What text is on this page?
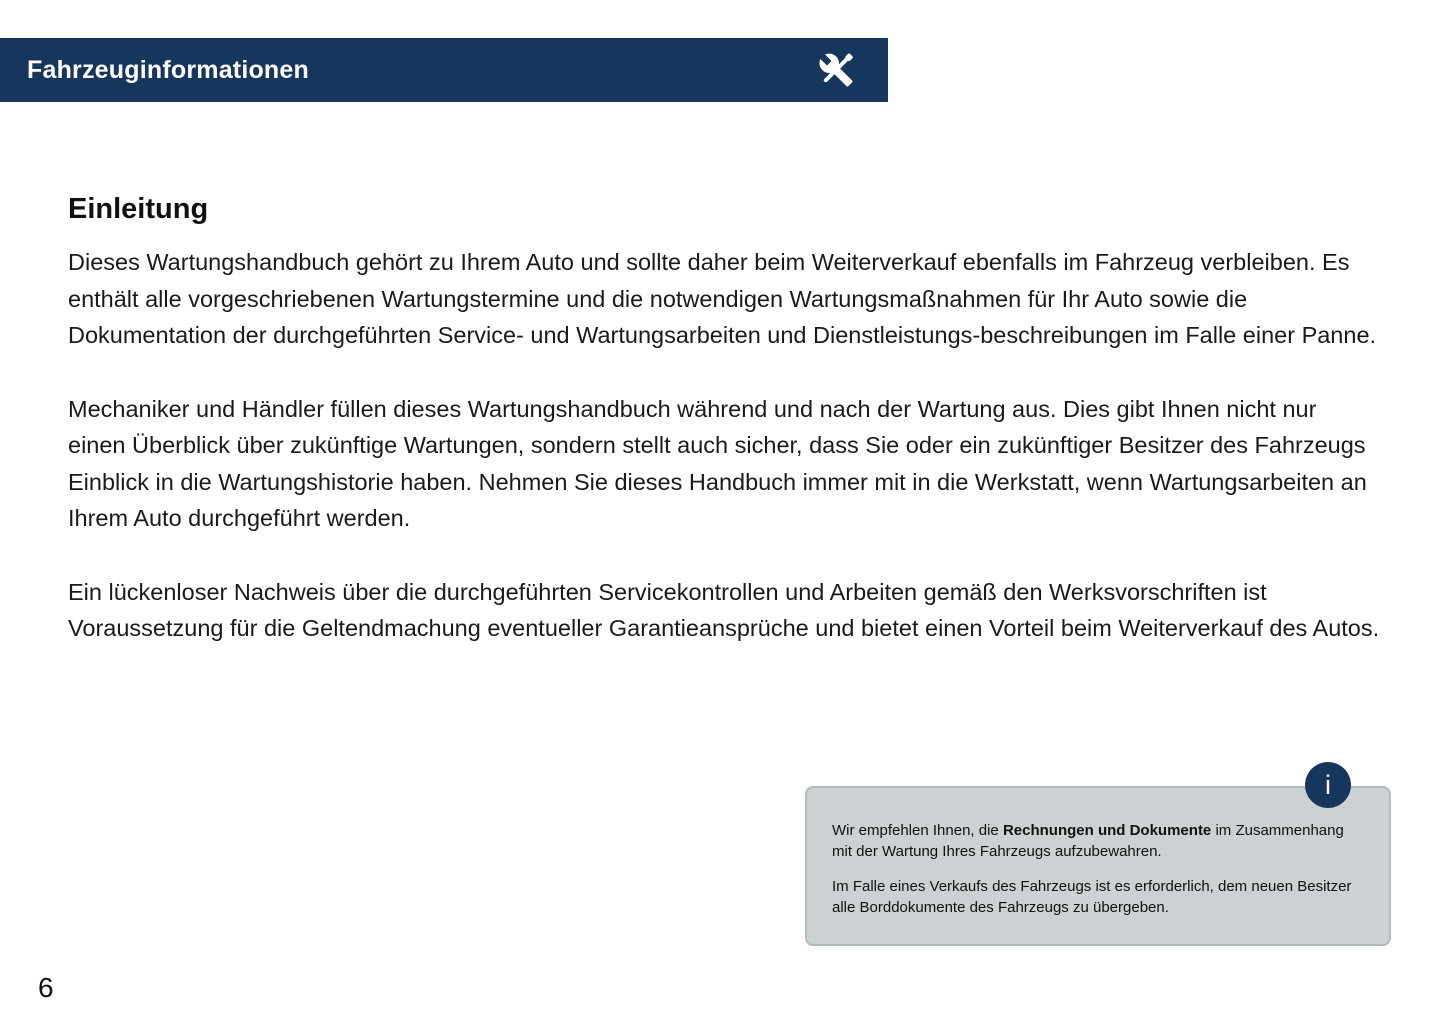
Fahrzeuginformationen
Einleitung

Dieses Wartungshandbuch gehört zu Ihrem Auto und sollte daher beim Weiterverkauf ebenfalls im Fahrzeug verbleiben. Es enthält alle vorgeschriebenen Wartungstermine und die notwendigen Wartungsmaßnahmen für Ihr Auto sowie die Dokumentation der durchgeführten Service- und Wartungsarbeiten und Dienstleistungs-beschreibungen im Falle einer Panne.

Mechaniker und Händler füllen dieses Wartungshandbuch während und nach der Wartung aus. Dies gibt Ihnen nicht nur einen Überblick über zukünftige Wartungen, sondern stellt auch sicher, dass Sie oder ein zukünftiger Besitzer des Fahrzeugs Einblick in die Wartungshistorie haben. Nehmen Sie dieses Handbuch immer mit in die Werkstatt, wenn Wartungsarbeiten an Ihrem Auto durchgeführt werden.

Ein lückenloser Nachweis über die durchgeführten Servicekontrollen und Arbeiten gemäß den Werksvorschriften ist Voraussetzung für die Geltendmachung eventueller Garantieansprüche und bietet einen Vorteil beim Weiterverkauf des Autos.

Wir empfehlen Ihnen, die Rechnungen und Dokumente im Zusammenhang mit der Wartung Ihres Fahrzeugs aufzubewahren.

Im Falle eines Verkaufs des Fahrzeugs ist es erforderlich, dem neuen Besitzer alle Borddokumente des Fahrzeugs zu übergeben.

i
6
